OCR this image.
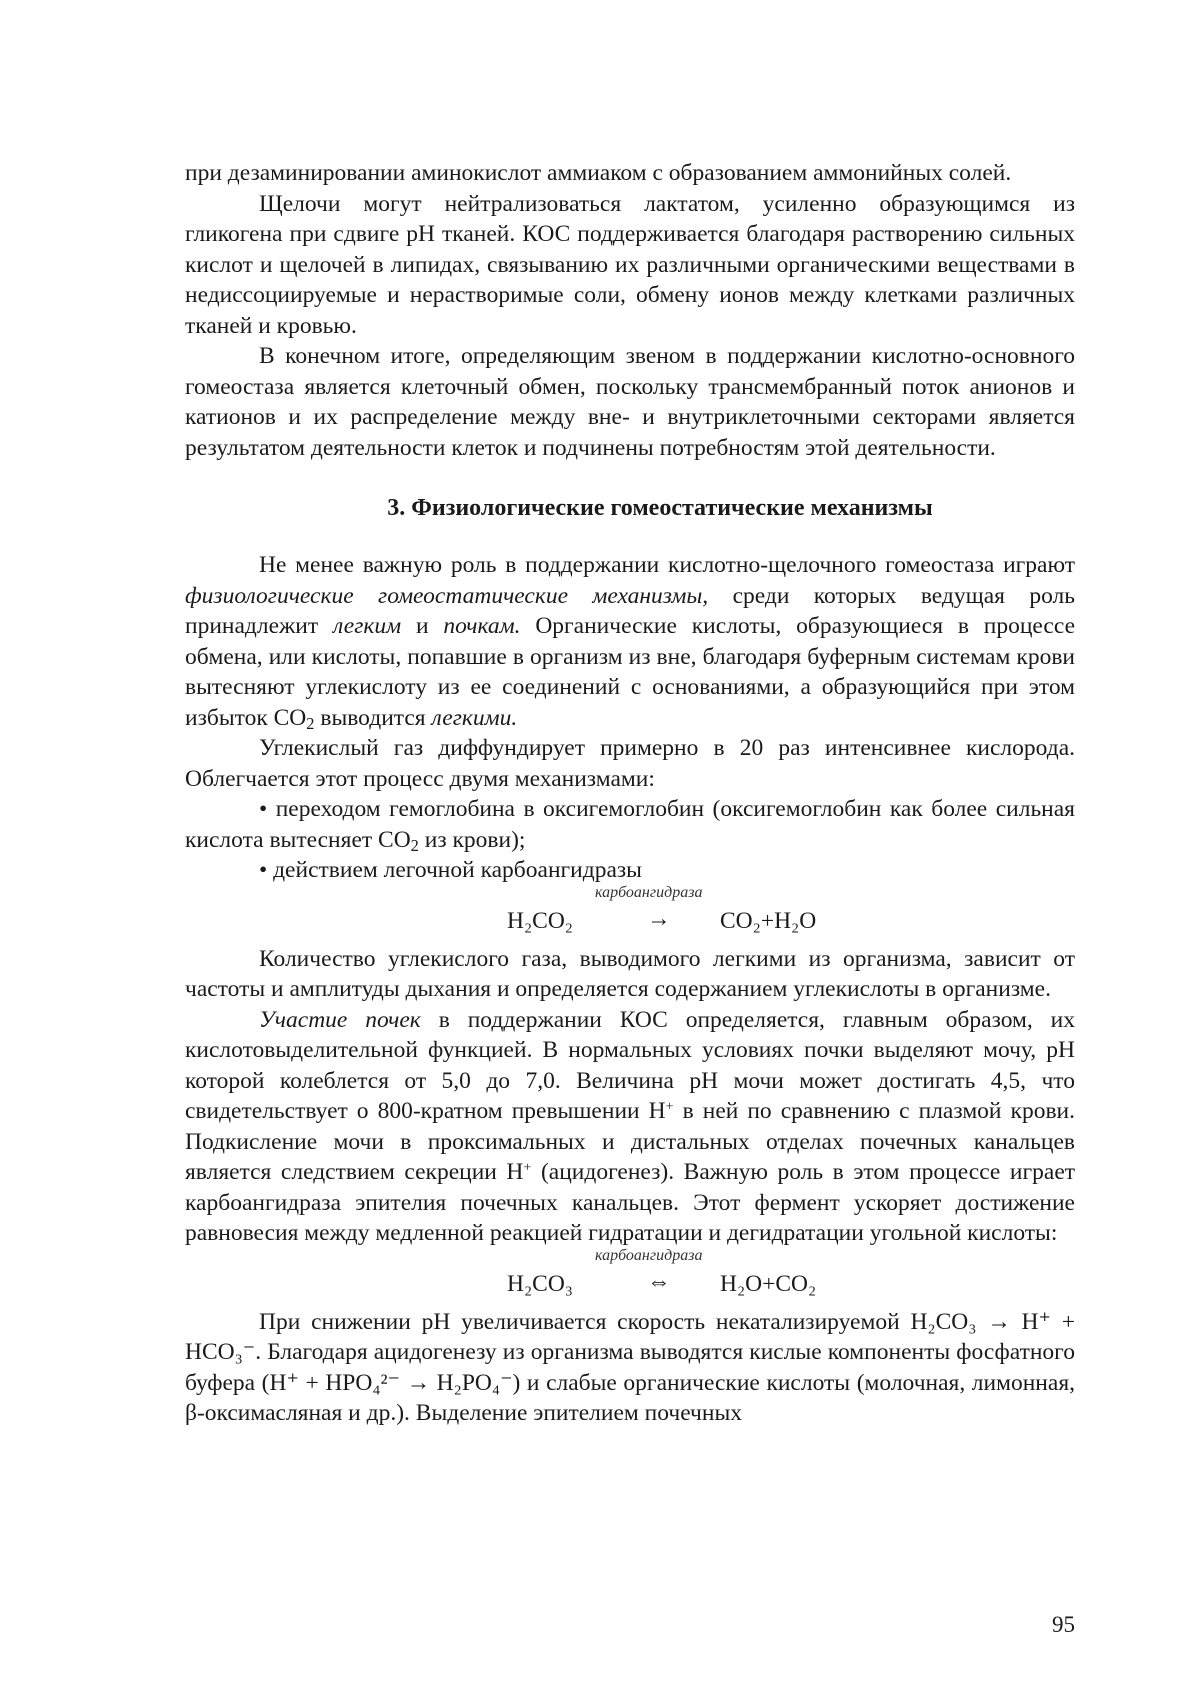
при дезаминировании аминокислот аммиаком с образованием аммонийных солей.

Щелочи могут нейтрализоваться лактатом, усиленно образующимся из гликогена при сдвиге pH тканей. КОС поддерживается благодаря растворению сильных кислот и щелочей в липидах, связыванию их различными органическими веществами в недиссоциируемые и нерастворимые соли, обмену ионов между клетками различных тканей и кровью.

В конечном итоге, определяющим звеном в поддержании кислотно-основного гомеостаза является клеточный обмен, поскольку трансмембранный поток анионов и катионов и их распределение между вне- и внутриклеточными секторами является результатом деятельности клеток и подчинены потребностям этой деятельности.

3. Физиологические гомеостатические механизмы

Не менее важную роль в поддержании кислотно-щелочного гомеостаза играют физиологические гомеостатические механизмы, среди которых ведущая роль принадлежит легким и почкам. Органические кислоты, образующиеся в процессе обмена, или кислоты, попавшие в организм из вне, благодаря буферным системам крови вытесняют углекислоту из ее соединений с основаниями, а образующийся при этом избыток $CO_2$ выводится легкими.

Углекислый газ диффундирует примерно в 20 раз интенсивнее кислорода. Облегчается этот процесс двумя механизмами:

• переходом гемоглобина в оксигемоглобин (оксигемоглобин как более сильная кислота вытесняет $CO_2$ из крови);

• действием легочной карбоангидразы

карбоангидраза
H₂CO₂	→ CO₂+H₂O

Количество углекислого газа, выводимого легкими из организма, зависит от частоты и амплитуды дыхания и определяется содержанием углекислоты в организме.

Участие почек в поддержании КОС определяется, главным образом, их кислотовыделительной функцией. В нормальных условиях почки выделяют мочу, pH которой колеблется от 5,0 до 7,0. Величина pH мочи может достигать 4,5, что свидетельствует о 800-кратном превышении H+ в ней по сравнению с плазмой крови. Подкисление мочи в проксимальных и дистальных отделах почечных канальцев является следствием секреции H+ (ацидогенез). Важную роль в этом процессе играет карбоангидраза эпителия почечных канальцев. Этот фермент ускоряет достижение равновесия между медленной реакцией гидратации и дегидратации угольной кислоты:

карбоангидраза
H₂CO₃	⇔ H₂O+CO₂

При снижении pH увеличивается скорость некатализируемой H₂CO₃ → H⁺ + HCO₃⁻. Благодаря ацидогенезу из организма выводятся кислые компоненты фосфатного буфера (H⁺ + HPO₄²⁻ → H₂PO₄⁻) и слабые органические кислоты (молочная, лимонная, β-оксимасляная и др.). Выделение эпителием почечных

95
